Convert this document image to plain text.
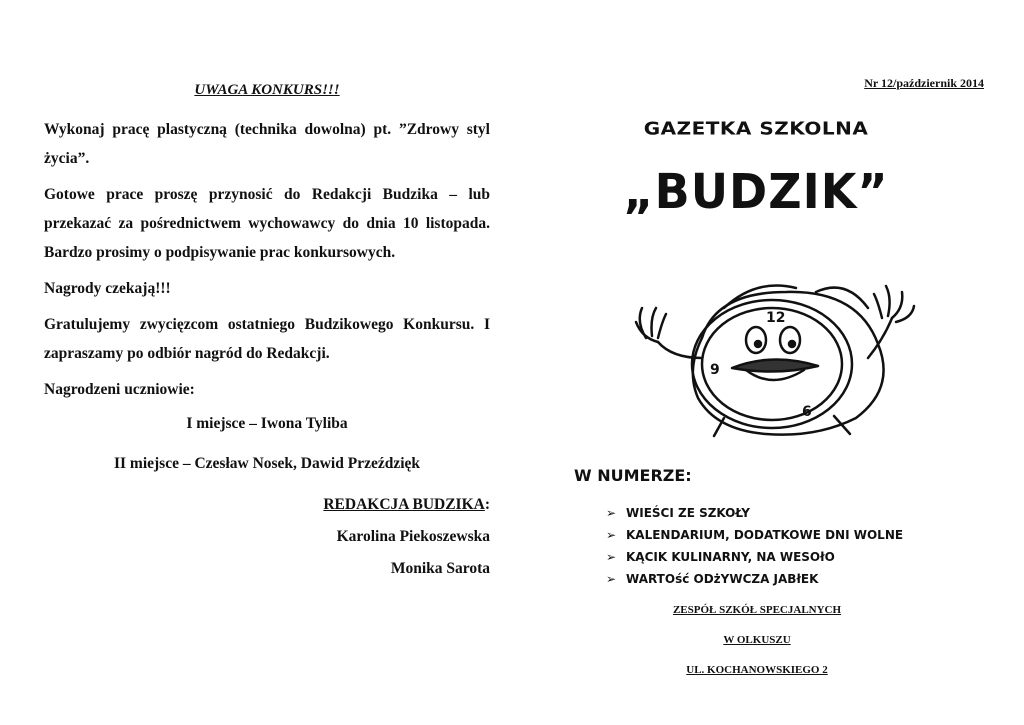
UWAGA KONKURS!!!

Wykonaj pracę plastyczną (technika dowolna) pt. ”Zdrowy styl życia”.

Gotowe prace proszę przynosić do Redakcji Budzika – lub przekazać za pośrednictwem wychowawcy do dnia 10 listopada. Bardzo prosimy o podpisywanie prac konkursowych.

Nagrody czekają!!!

Gratulujemy zwycięzcom ostatniego Budzikowego Konkursu. I zapraszamy po odbiór nagród do Redakcji.

Nagrodzeni uczniowie:

I miejsce – Iwona Tyliba

II miejsce – Czesław Nosek, Dawid Przeździęk

REDAKCJA BUDZIKA:

Karolina Piekoszewska

Monika Sarota

Nr 12/październik 2014

GAZETKA SZKOLNA
„BUDZIK”
12
9
6
W NUMERZE:
➢ WIEŚCI ZE SZKOŁY
➢ KALENDARIUM, DODATKOWE DNI WOLNE
➢ KĄCIK KULINARNY, NA WESOłO
➢ WARTOść ODżYWCZA JABłEK
ZESPÓŁ SZKÓŁ SPECJALNYCH
W OLKUSZU
UL. KOCHANOWSKIEGO 2
